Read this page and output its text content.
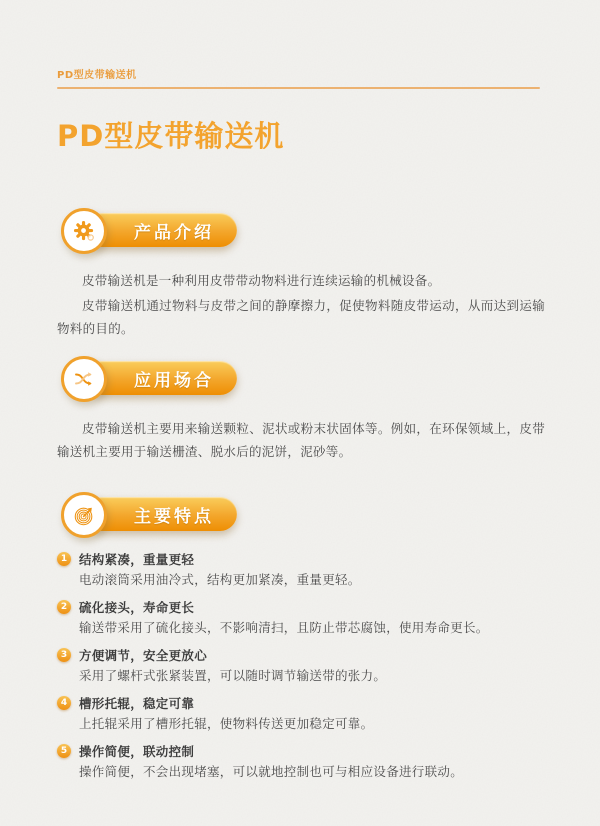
PD型皮带输送机
PD型皮带输送机
产品介绍

皮带输送机是一种利用皮带带动物料进行连续运输的机械设备。

皮带输送机通过物料与皮带之间的静摩擦力，促使物料随皮带运动，从而达到运输物料的目的。

应用场合

皮带输送机主要用来输送颗粒、泥状或粉末状固体等。例如，在环保领域上，皮带输送机主要用于输送栅渣、脱水后的泥饼，泥砂等。

主要特点
1 结构紧凑，重量更轻
电动滚筒采用油冷式，结构更加紧凑，重量更轻。
2 硫化接头，寿命更长
输送带采用了硫化接头，不影响清扫，且防止带芯腐蚀，使用寿命更长。
3 方便调节，安全更放心
采用了螺杆式张紧装置，可以随时调节输送带的张力。
4 槽形托辊，稳定可靠
上托辊采用了槽形托辊，使物料传送更加稳定可靠。
5 操作简便，联动控制
操作简便，不会出现堵塞，可以就地控制也可与相应设备进行联动。
